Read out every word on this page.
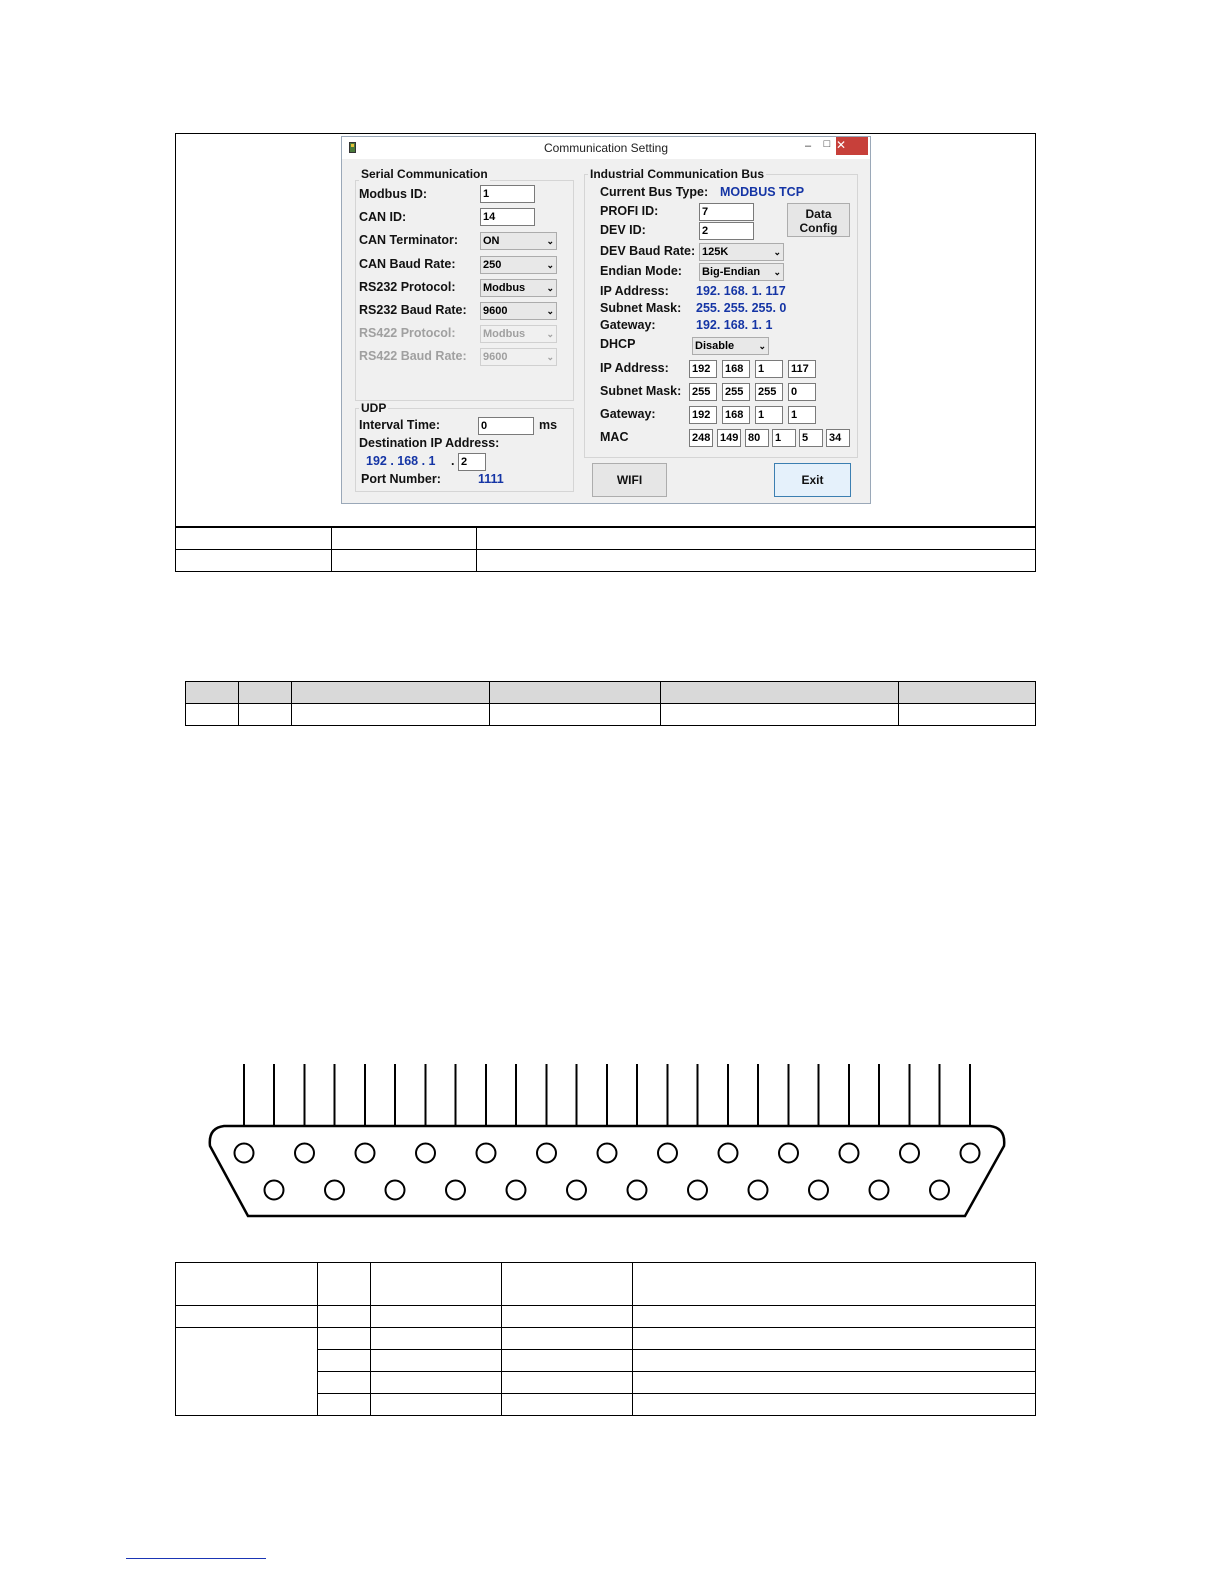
Communication Setting	–	□ ✕
Serial Communication
Modbus ID:	1
CAN ID:	14
CAN Terminator: ON	⌄
CAN Baud Rate: 250	⌄
RS232 Protocol: Modbus ⌄
RS232 Baud Rate: 9600	⌄
RS422 Protocol: Modbus ⌄
RS422 Baud Rate: 9600	⌄
UDP
Interval Time:	0	ms
Destination IP Address:
192 . 168 . 1 . 2
Port Number:	1111
Industrial Communication Bus
Current Bus Type: MODBUS TCP
PROFI ID:	7
DEV ID:	2
Data
Config
DEV Baud Rate: 125K	⌄
Endian Mode: Big-Endian ⌄
IP Address: 192. 168. 1. 117
Subnet Mask: 255. 255. 255. 0
Gateway:	192. 168. 1. 1
DHCP	Disable	⌄
IP Address: 192	168	1	117
Subnet Mask: 255	255	255	0
Gateway:	192	168	1	1
MAC	248 149 80	1	5	34
WIFI	Exit
